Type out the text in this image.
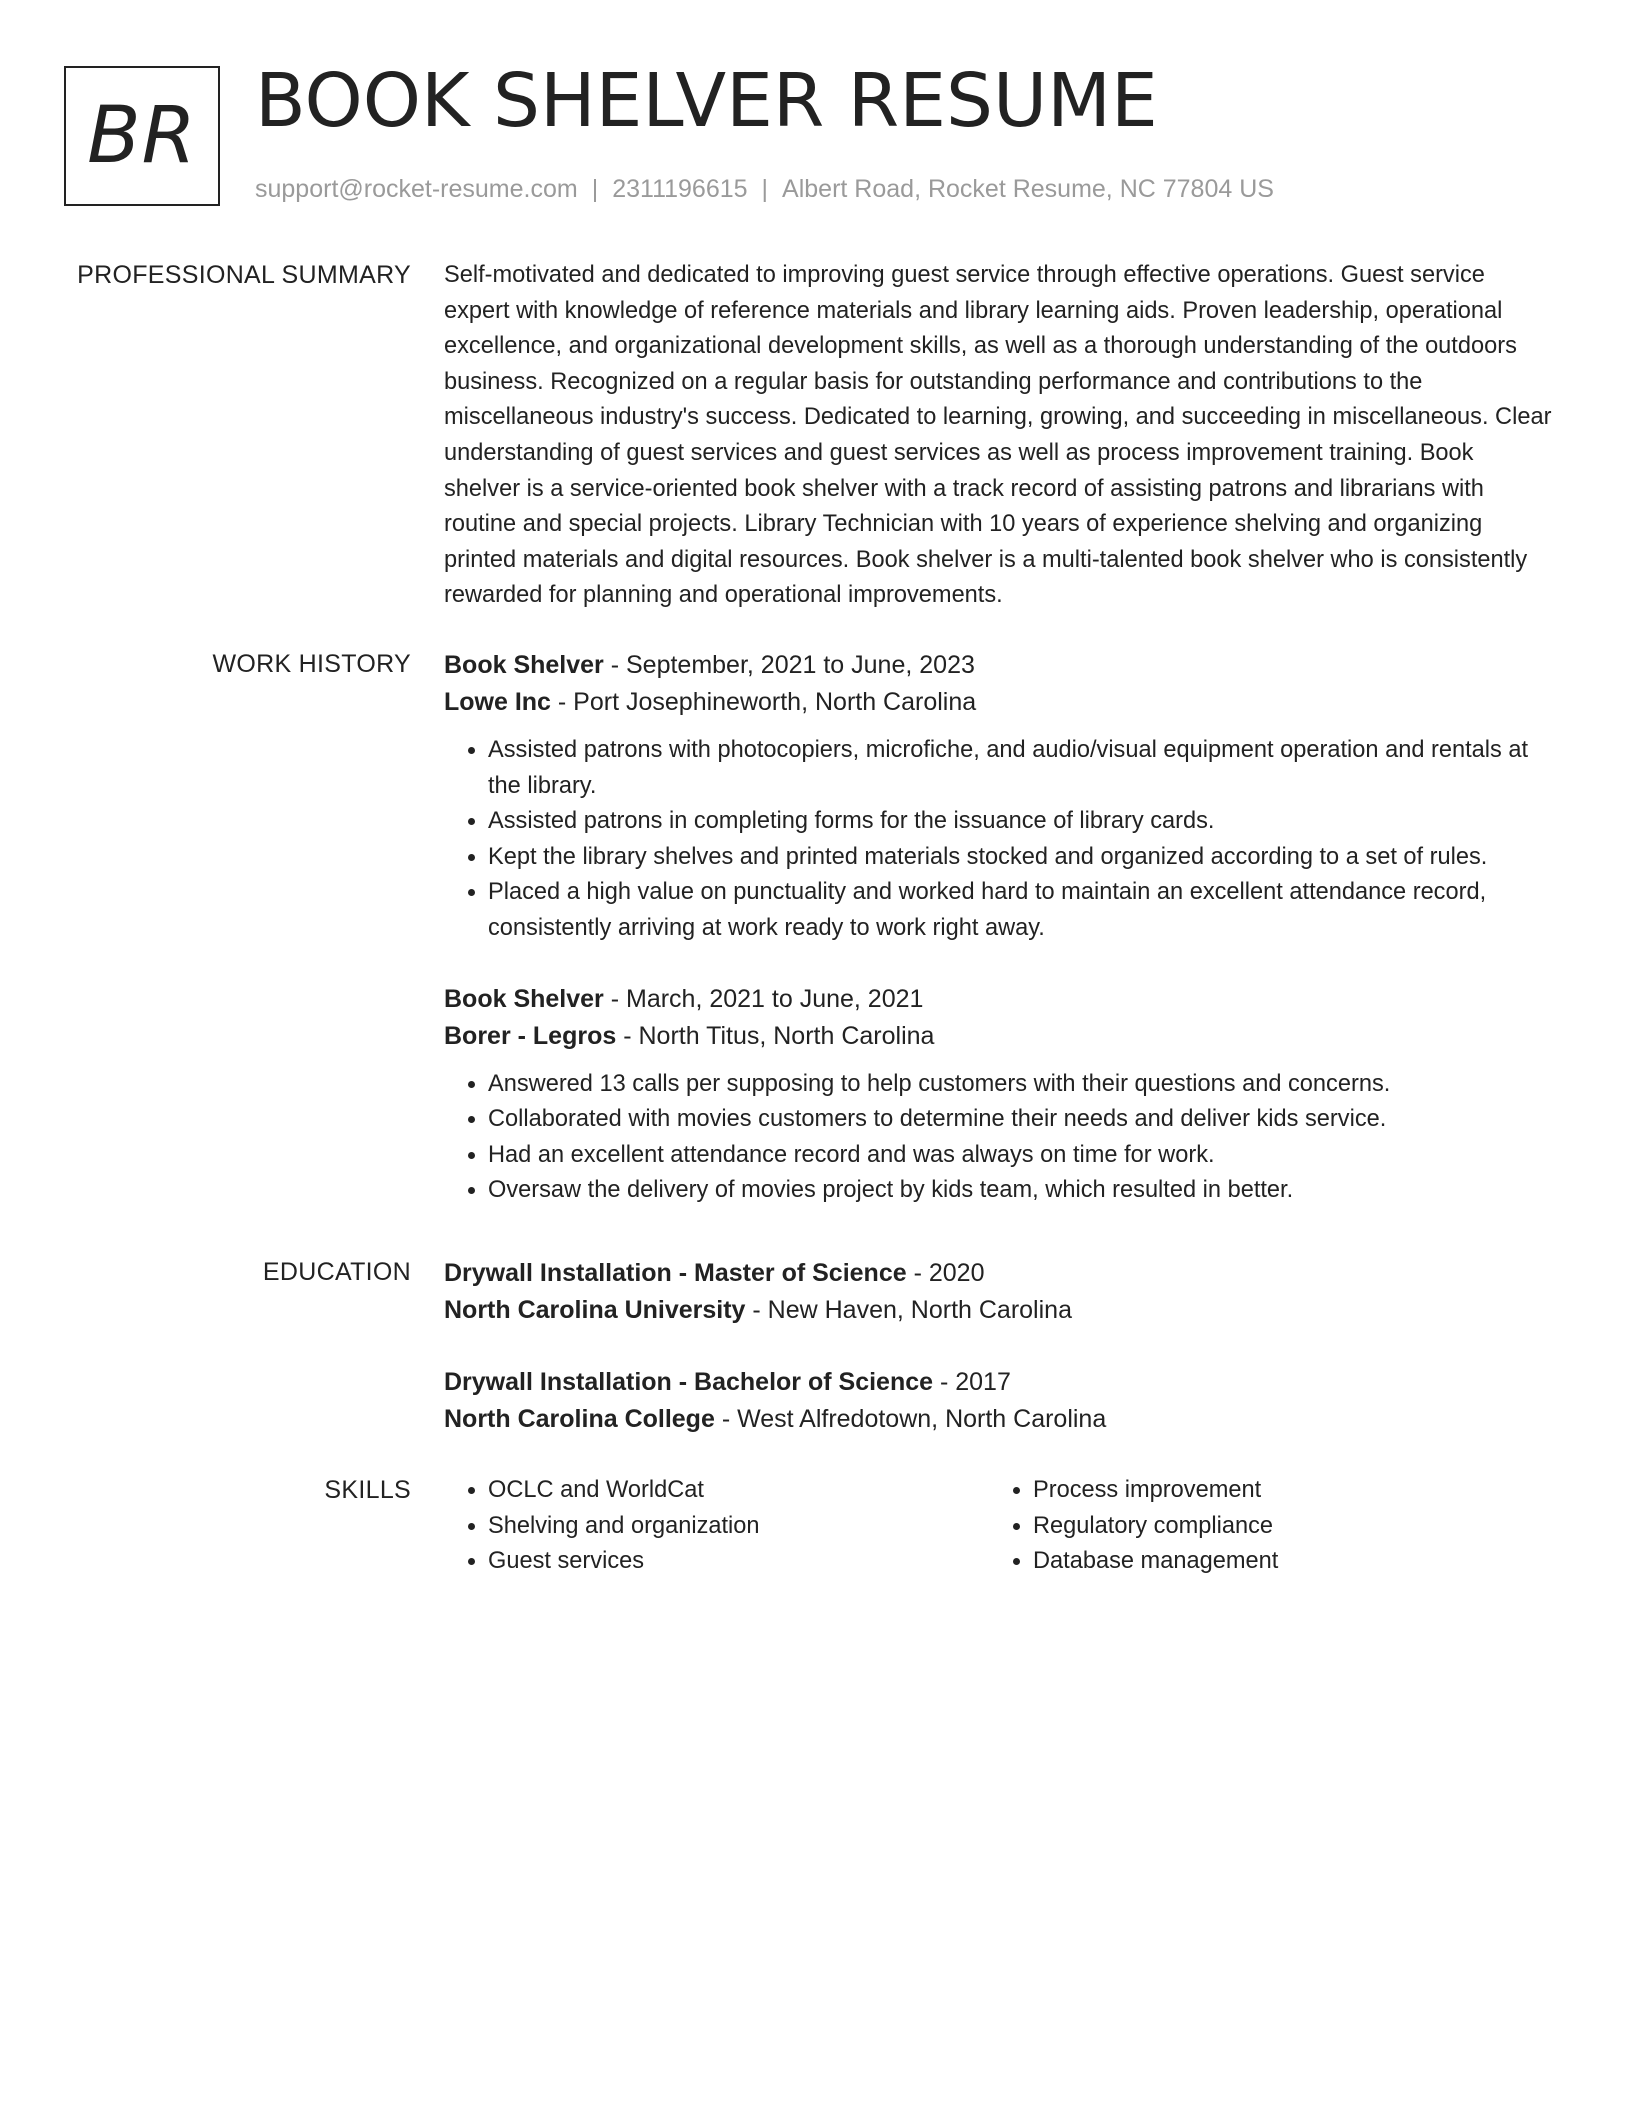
BR BOOK SHELVER RESUME
support@rocket-resume.com | 2311196615 | Albert Road, Rocket Resume, NC 77804 US
PROFESSIONAL SUMMARY Self-motivated and dedicated to improving guest service through effective operations. Guest service expert with knowledge of reference materials and library learning aids. Proven leadership, operational excellence, and organizational development skills, as well as a thorough understanding of the outdoors business. Recognized on a regular basis for outstanding performance and contributions to the miscellaneous industry's success. Dedicated to learning, growing, and succeeding in miscellaneous. Clear understanding of guest services and guest services as well as process improvement training. Book shelver is a service-oriented book shelver with a track record of assisting patrons and librarians with routine and special projects. Library Technician with 10 years of experience shelving and organizing printed materials and digital resources. Book shelver is a multi-talented book shelver who is consistently rewarded for planning and operational improvements.

WORK HISTORY Book Shelver - September, 2021 to June, 2023

Lowe Inc - Port Josephineworth, North Carolina

• Assisted patrons with photocopiers, microfiche, and audio/visual equipment operation and rentals at the library.
• Assisted patrons in completing forms for the issuance of library cards.
• Kept the library shelves and printed materials stocked and organized according to a set of rules.
• Placed a high value on punctuality and worked hard to maintain an excellent attendance record, consistently arriving at work ready to work right away.

Book Shelver - March, 2021 to June, 2021

Borer - Legros - North Titus, North Carolina

• Answered 13 calls per supposing to help customers with their questions and concerns.
• Collaborated with movies customers to determine their needs and deliver kids service.
• Had an excellent attendance record and was always on time for work.
• Oversaw the delivery of movies project by kids team, which resulted in better.
EDUCATION Drywall Installation - Master of Science - 2020

North Carolina University - New Haven, North Carolina

Drywall Installation - Bachelor of Science - 2017

North Carolina College - West Alfredotown, North Carolina

SKILLS
•	OCLC and WorldCat
• Shelving and organization
• Guest services
• Process improvement
• Regulatory compliance
• Database management
